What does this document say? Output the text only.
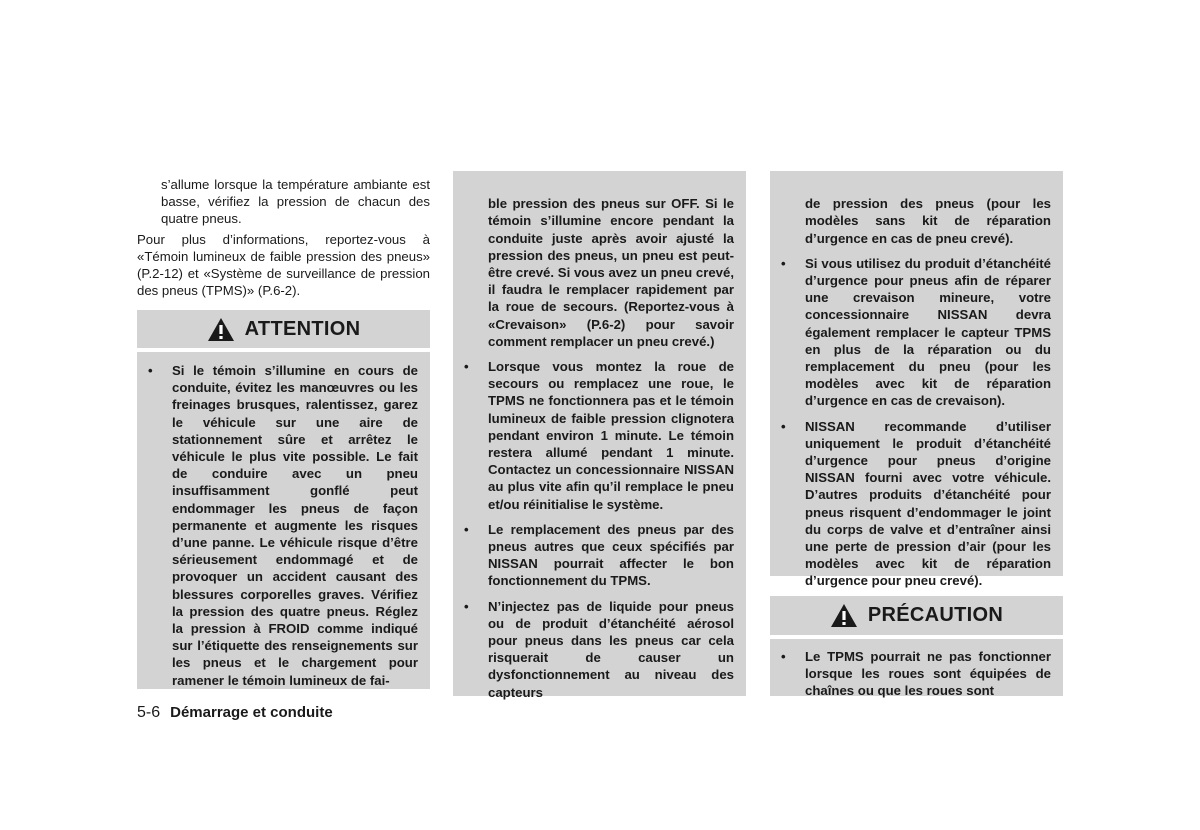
s’allume lorsque la température ambiante est basse, vérifiez la pression de chacun des quatre pneus.

Pour plus d’informations, reportez-vous à «Témoin lumineux de faible pression des pneus» (P.2-12) et «Système de surveillance de pression des pneus (TPMS)» (P.6-2).

ATTENTION
• Si le témoin s’illumine en cours de conduite, évitez les manœuvres ou les freinages brusques, ralentissez, garez le véhicule sur une aire de stationnement sûre et arrêtez le véhicule le plus vite possible. Le fait de conduire avec un pneu insuffisamment gonflé peut endommager les pneus de façon permanente et augmente les risques d’une panne. Le véhicule risque d’être sérieusement endommagé et de provoquer un accident causant des blessures corporelles graves. Vérifiez la pression des quatre pneus. Réglez la pression à FROID comme indiqué sur l’étiquette des renseignements sur les pneus et le chargement pour ramener le témoin lumineux de fai-

ble pression des pneus sur OFF. Si le témoin s’illumine encore pendant la conduite juste après avoir ajusté la pression des pneus, un pneu est peut-être crevé. Si vous avez un pneu crevé, il faudra le remplacer rapidement par la roue de secours. (Reportez-vous à «Crevaison» (P.6-2) pour savoir comment remplacer un pneu crevé.)

• Lorsque vous montez la roue de secours ou remplacez une roue, le TPMS ne fonctionnera pas et le témoin lumineux de faible pression clignotera pendant environ 1 minute. Le témoin restera allumé pendant 1 minute. Contactez un concessionnaire NISSAN au plus vite afin qu’il remplace le pneu et/ou réinitialise le système.
• Le remplacement des pneus par des pneus autres que ceux spécifiés par NISSAN pourrait affecter le bon fonctionnement du TPMS.
• N’injectez pas de liquide pour pneus ou de produit d’étanchéité aérosol pour pneus dans les pneus car cela risquerait de causer un dysfonctionnement au niveau des capteurs

de pression des pneus (pour les modèles sans kit de réparation d’urgence en cas de pneu crevé).

• Si vous utilisez du produit d’étanchéité d’urgence pour pneus afin de réparer une crevaison mineure, votre concessionnaire NISSAN devra également remplacer le capteur TPMS en plus de la réparation ou du remplacement du pneu (pour les modèles avec kit de réparation d’urgence en cas de crevaison).
• NISSAN recommande d’utiliser uniquement le produit d’étanchéité d’urgence pour pneus d’origine NISSAN fourni avec votre véhicule. D’autres produits d’étanchéité pour pneus risquent d’endommager le joint du corps de valve et d’entraîner ainsi une perte de pression d’air (pour les modèles avec kit de réparation d’urgence pour pneu crevé).
PRÉCAUTION
• Le TPMS pourrait ne pas fonctionner lorsque les roues sont équipées de chaînes ou que les roues sont
5-6 Démarrage et conduite
